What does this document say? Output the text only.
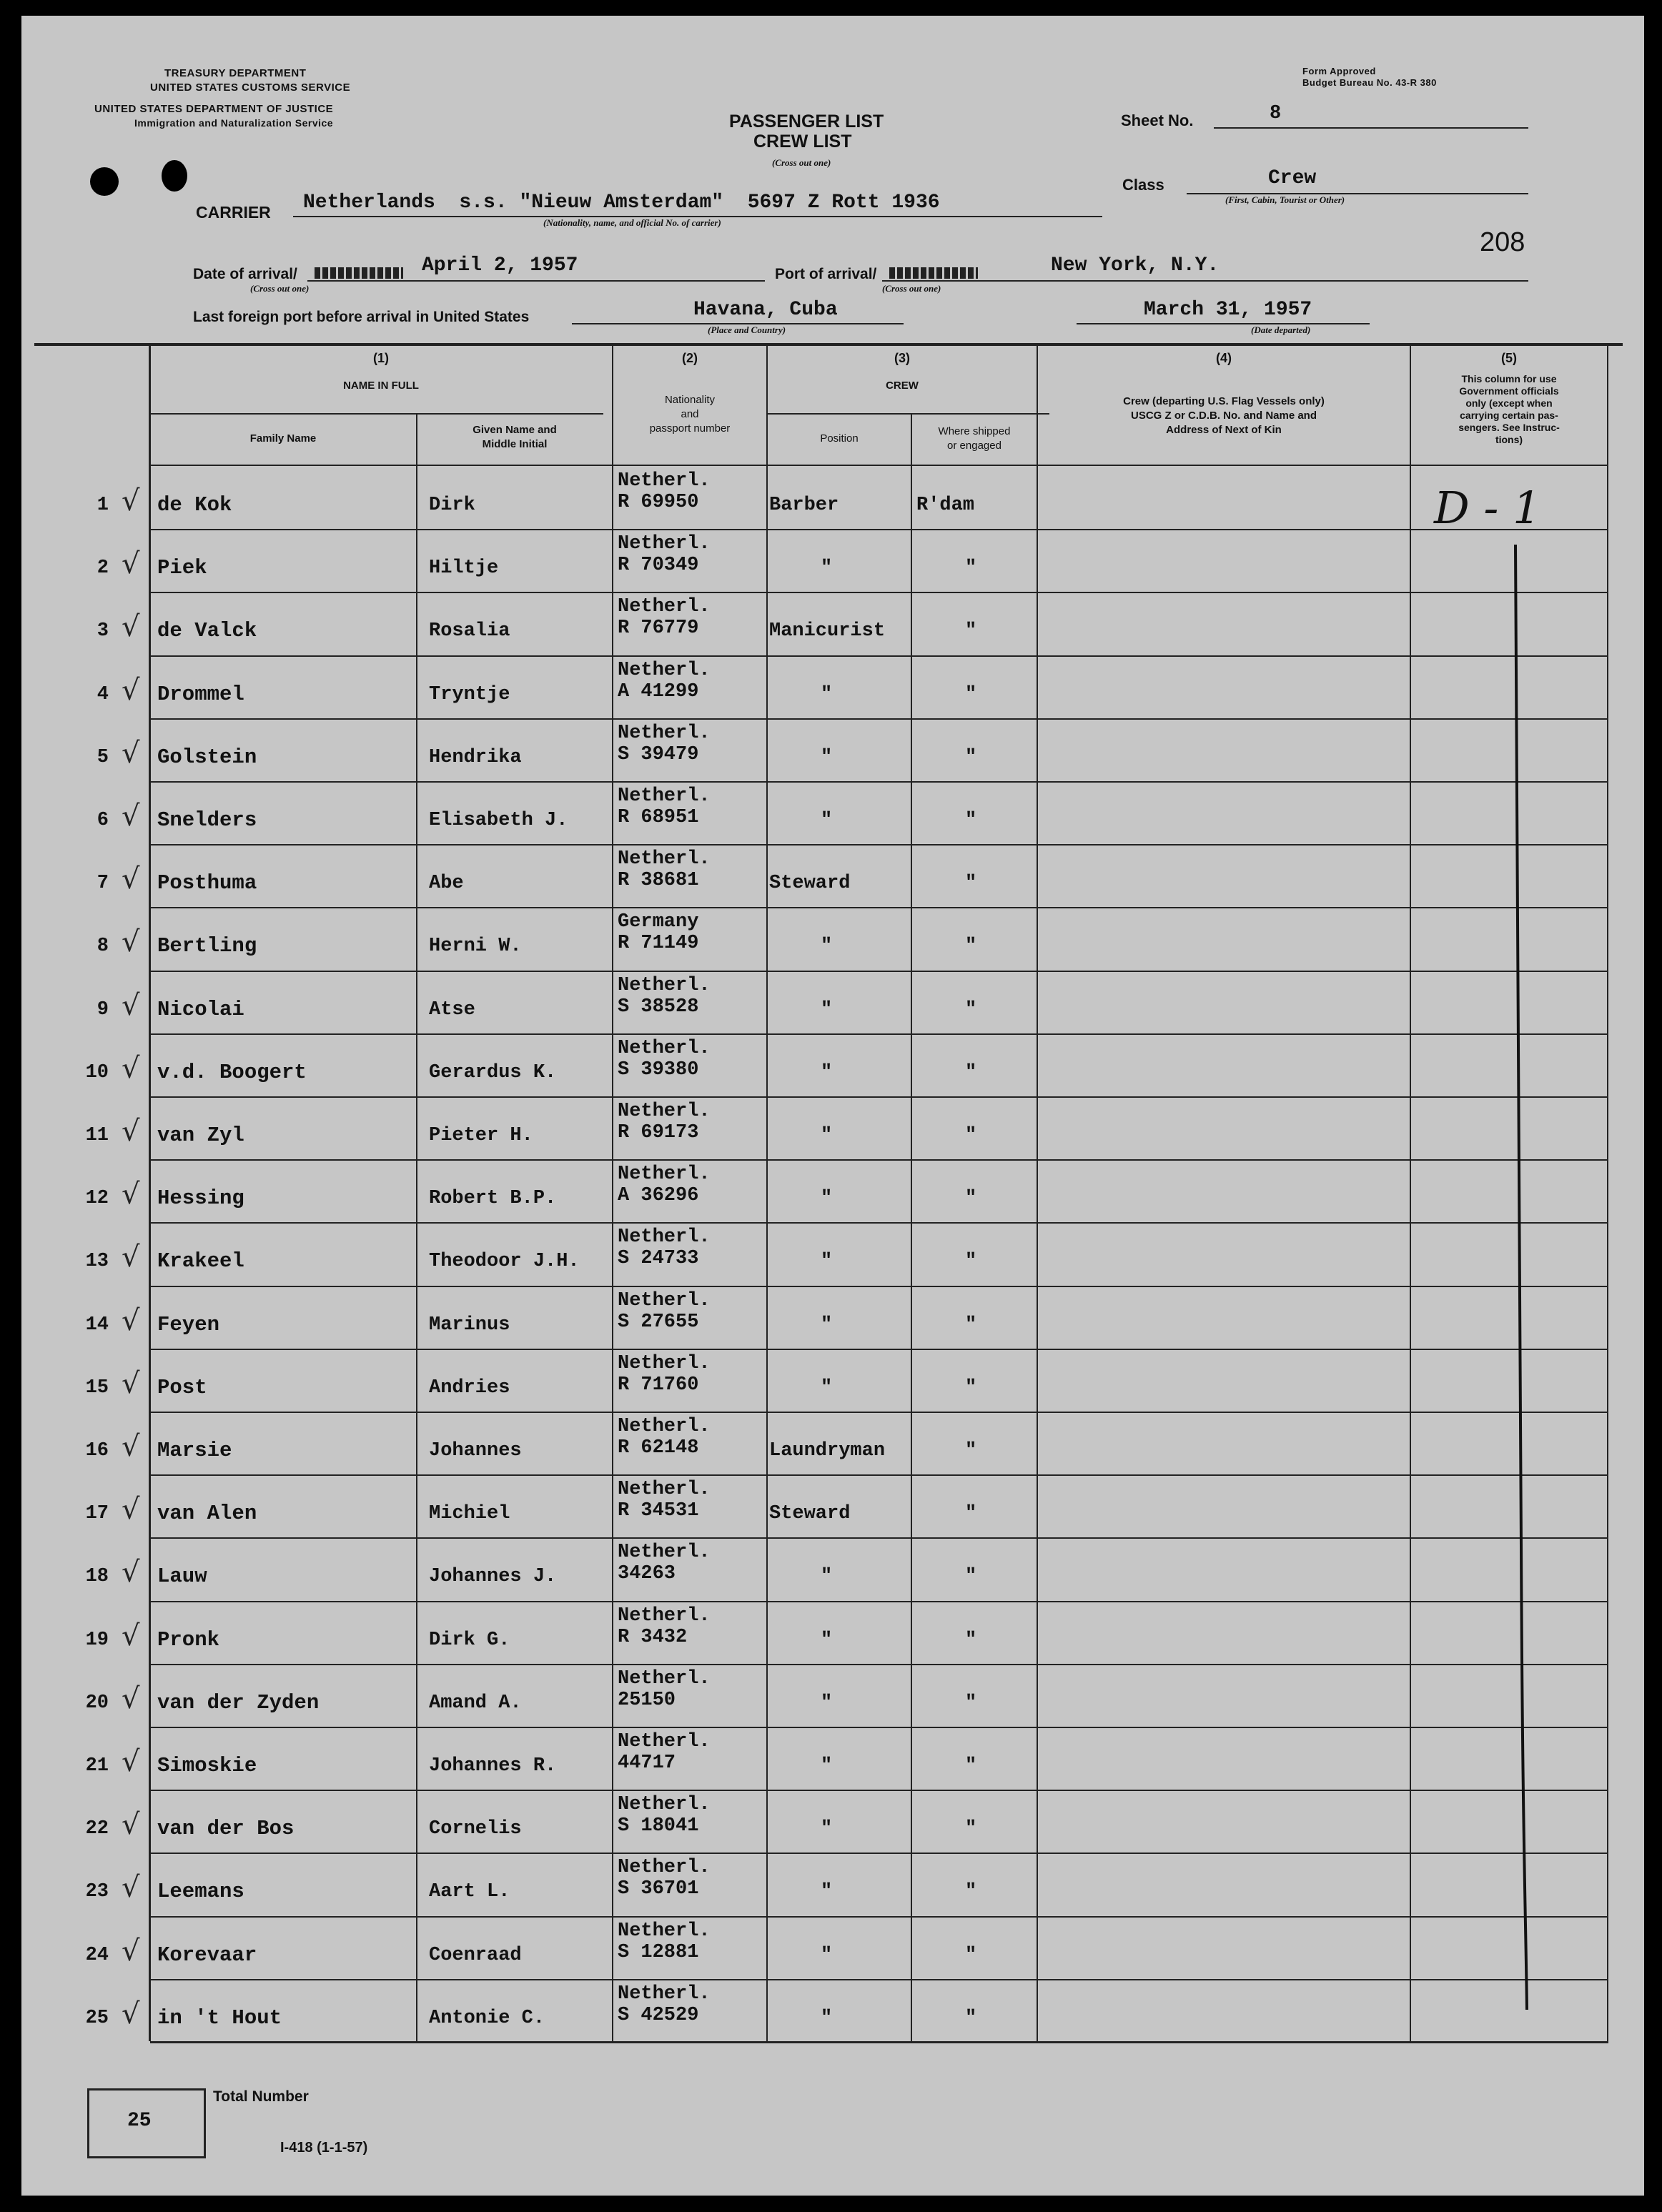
TREASURY DEPARTMENT
UNITED STATES CUSTOMS SERVICE
UNITED STATES DEPARTMENT OF JUSTICE
Immigration and Naturalization Service
Form Approved
Budget Bureau No. 43-R 380
PASSENGER LIST
CREW LIST
(Cross out one)
Sheet No.	8
Class	Crew
(First, Cabin, Tourist or Other)
CARRIER Netherlands  s.s. "Nieuw Amsterdam"  5697 Z Rott 1936
(Nationality, name, and official No. of carrier)
208
Date of arrival/	April 2, 1957
(Cross out one)
Port of arrival/	New York, N.Y.
(Cross out one)
Last foreign port before arrival in United States	Havana, Cuba
(Place and Country)
March 31, 1957
(Date departed)
(1)
NAME IN FULL
Family Name
Given Name and
Middle Initial
(2)
Nationality
and
passport number
(3)
CREW
Position
Where shipped
or engaged
(4)
Crew (departing U.S. Flag Vessels only)
USCG Z or C.D.B. No. and Name and
Address of Next of Kin
(5)
This column for use
Government officials
only (except when
carrying certain pas-
sengers. See Instruc-
tions)
1 √ de Kok	Dirk
Netherl.
R 69950	Barber	R'dam
2 √ Piek	Hiltje
Netherl.
R 70349	"	"
3 √ de Valck	Rosalia
Netherl.
R 76779	Manicurist	"
4 √ Drommel	Tryntje
Netherl.
A 41299	"	"
5 √ Golstein	Hendrika
Netherl.
S 39479	"	"
6 √ Snelders	Elisabeth J.
Netherl.
R 68951	"	"
7 √ Posthuma	Abe
Netherl.
R 38681	Steward	"
8 √ Bertling	Herni W.
Germany
R 71149	"	"
9 √ Nicolai	Atse
Netherl.
S 38528	"	"
10 √ v.d. Boogert	Gerardus K.
Netherl.
S 39380	"	"
11 √ van Zyl	Pieter H.
Netherl.
R 69173	"	"
12 √ Hessing	Robert B.P.
Netherl.
A 36296	"	"
13 √ Krakeel	Theodoor J.H.
Netherl.
S 24733	"	"
14 √ Feyen	Marinus
Netherl.
S 27655	"	"
15 √ Post	Andries
Netherl.
R 71760	"	"
16 √ Marsie	Johannes
Netherl.
R 62148	Laundryman	"
17 √ van Alen	Michiel
Netherl.
R 34531	Steward	"
18 √ Lauw	Johannes J.
Netherl.
34263	"	"
19 √ Pronk	Dirk G.
Netherl.
R 3432	"	"
20 √ van der Zyden	Amand A.
Netherl.
25150	"	"
21 √ Simoskie	Johannes R.
Netherl.
44717	"	"
22 √ van der Bos	Cornelis
Netherl.
S 18041	"	"
23 √ Leemans	Aart L.
Netherl.
S 36701	"	"
24 √ Korevaar	Coenraad
Netherl.
S 12881	"	"
25 √ in 't Hout	Antonie C.
Netherl.
S 42529	"	"
D - 1
25
Total Number
I-418 (1-1-57)
